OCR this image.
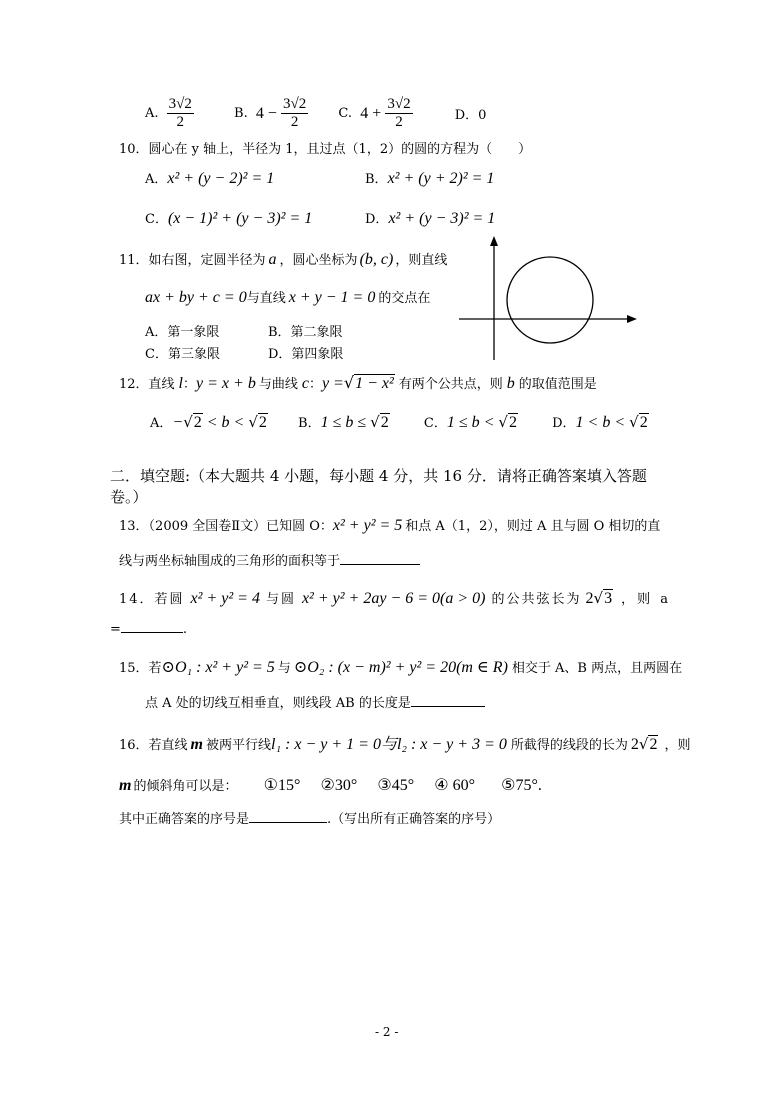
A. $\frac{3√2}{2}$	B. $4 - \frac{3√2}{2} C$. $4 + \frac{3√2}{2}$	D．0
10．圆心在 y 轴上，半径为 1，且过点（1，2）的圆的方程为（　　）
A．x² + (y − 2)² = 1	B．x² + (y + 2)² = 1
C．(x − 1)² + (y − 3)² = 1	D．x² + (y − 3)² = 1
11．如右图，定圆半径为 a ，圆心坐标为 (b, c) ，则直线
ax + by + c = 0与直线 x + y − 1 = 0 的交点在
A．第一象限	B．第二象限
C．第三象限	D．第四象限
12．直线 l：y = x + b 与曲线 c：y =√1 − x² 有两个公共点，则 b 的取值范围是
A．−√2 < b < √2 B．1 ≤ b ≤ √2	C．1 ≤ b < √2	D．1 < b < √2
二．填空题:（本大题共 4 小题，每小题 4 分，共 16 分．请将正确答案填入答题
卷。）
13．（2009 全国卷Ⅱ文）已知圆 O：x² + y² = 5 和点 A（1，2），则过 A 且与圆 O 相切的直
线与两坐标轴围成的三角形的面积等于
14．若圆 x² + y² = 4 与圆 x² + y² + 2ay − 6 = 0(a > 0) 的公共弦长为 2√3 ，则 a
=	.
15．若⊙O₁ : x² + y² = 5 与 ⊙O₂ : (x − m)² + y² = 20(m ∈ R) 相交于 A、B 两点，且两圆在
点 A 处的切线互相垂直，则线段 AB 的长度是
16．若直线 m 被两平行线l₁ : x − y + 1 = 0与l₂ : x − y + 3 = 0 所截得的线段的长为 2√2 ，则
m 的倾斜角可以是： ①15° ②30° ③45° ④ 60° ⑤75°.
其中正确答案的序号是	.（写出所有正确答案的序号）
- 2 -
